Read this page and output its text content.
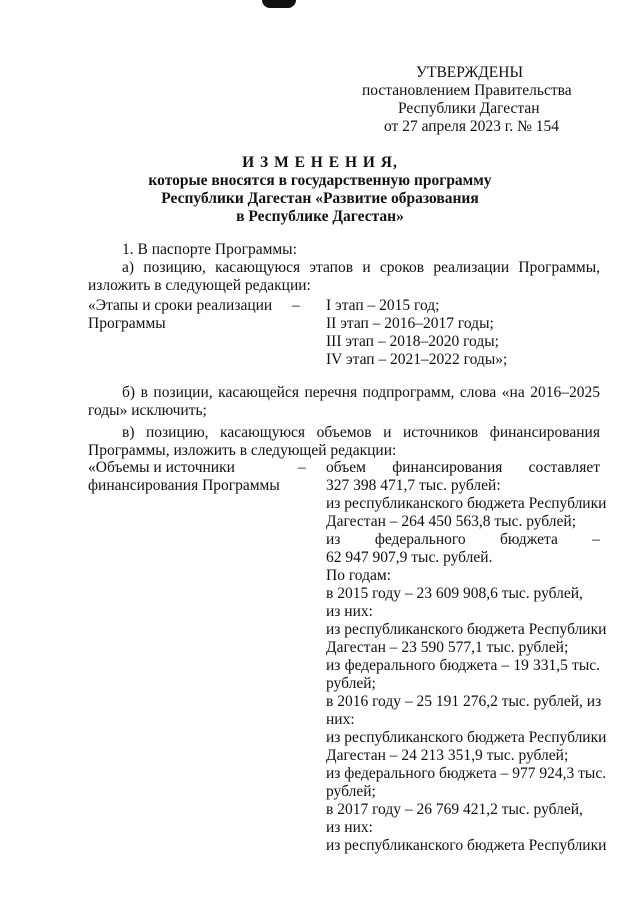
УТВЕРЖДЕНЫ
постановлением Правительства
Республики Дагестан
от 27 апреля 2023 г. № 154
И З М Е Н Е Н И Я,
которые вносятся в государственную программу
Республики Дагестан «Развитие образования
в Республике Дагестан»
1. В паспорте Программы:
а) позицию, касающуюся этапов и сроков реализации Программы,
изложить в следующей редакции:
«Этапы и сроки реализации
Программы
– I этап – 2015 год;
II этап – 2016–2017 годы;
III этап – 2018–2020 годы;
IV этап – 2021–2022 годы»;
б) в позиции, касающейся перечня подпрограмм, слова «на 2016–2025
годы» исключить;
в) позицию, касающуюся объемов и источников финансирования
Программы, изложить в следующей редакции:
«Объемы и источники
финансирования Программы
– объем финансирования составляет
327 398 471,7 тыс. рублей:
из республиканского бюджета Республики
Дагестан – 264 450 563,8 тыс. рублей;
из федерального бюджета –
62 947 907,9 тыс. рублей.
По годам:
в 2015 году – 23 609 908,6 тыс. рублей,
из них:
из республиканского бюджета Республики
Дагестан – 23 590 577,1 тыс. рублей;
из федерального бюджета – 19 331,5 тыс.
рублей;
в 2016 году – 25 191 276,2 тыс. рублей, из
них:
из республиканского бюджета Республики
Дагестан – 24 213 351,9 тыс. рублей;
из федерального бюджета – 977 924,3 тыс.
рублей;
в 2017 году – 26 769 421,2 тыс. рублей,
из них:
из республиканского бюджета Республики
